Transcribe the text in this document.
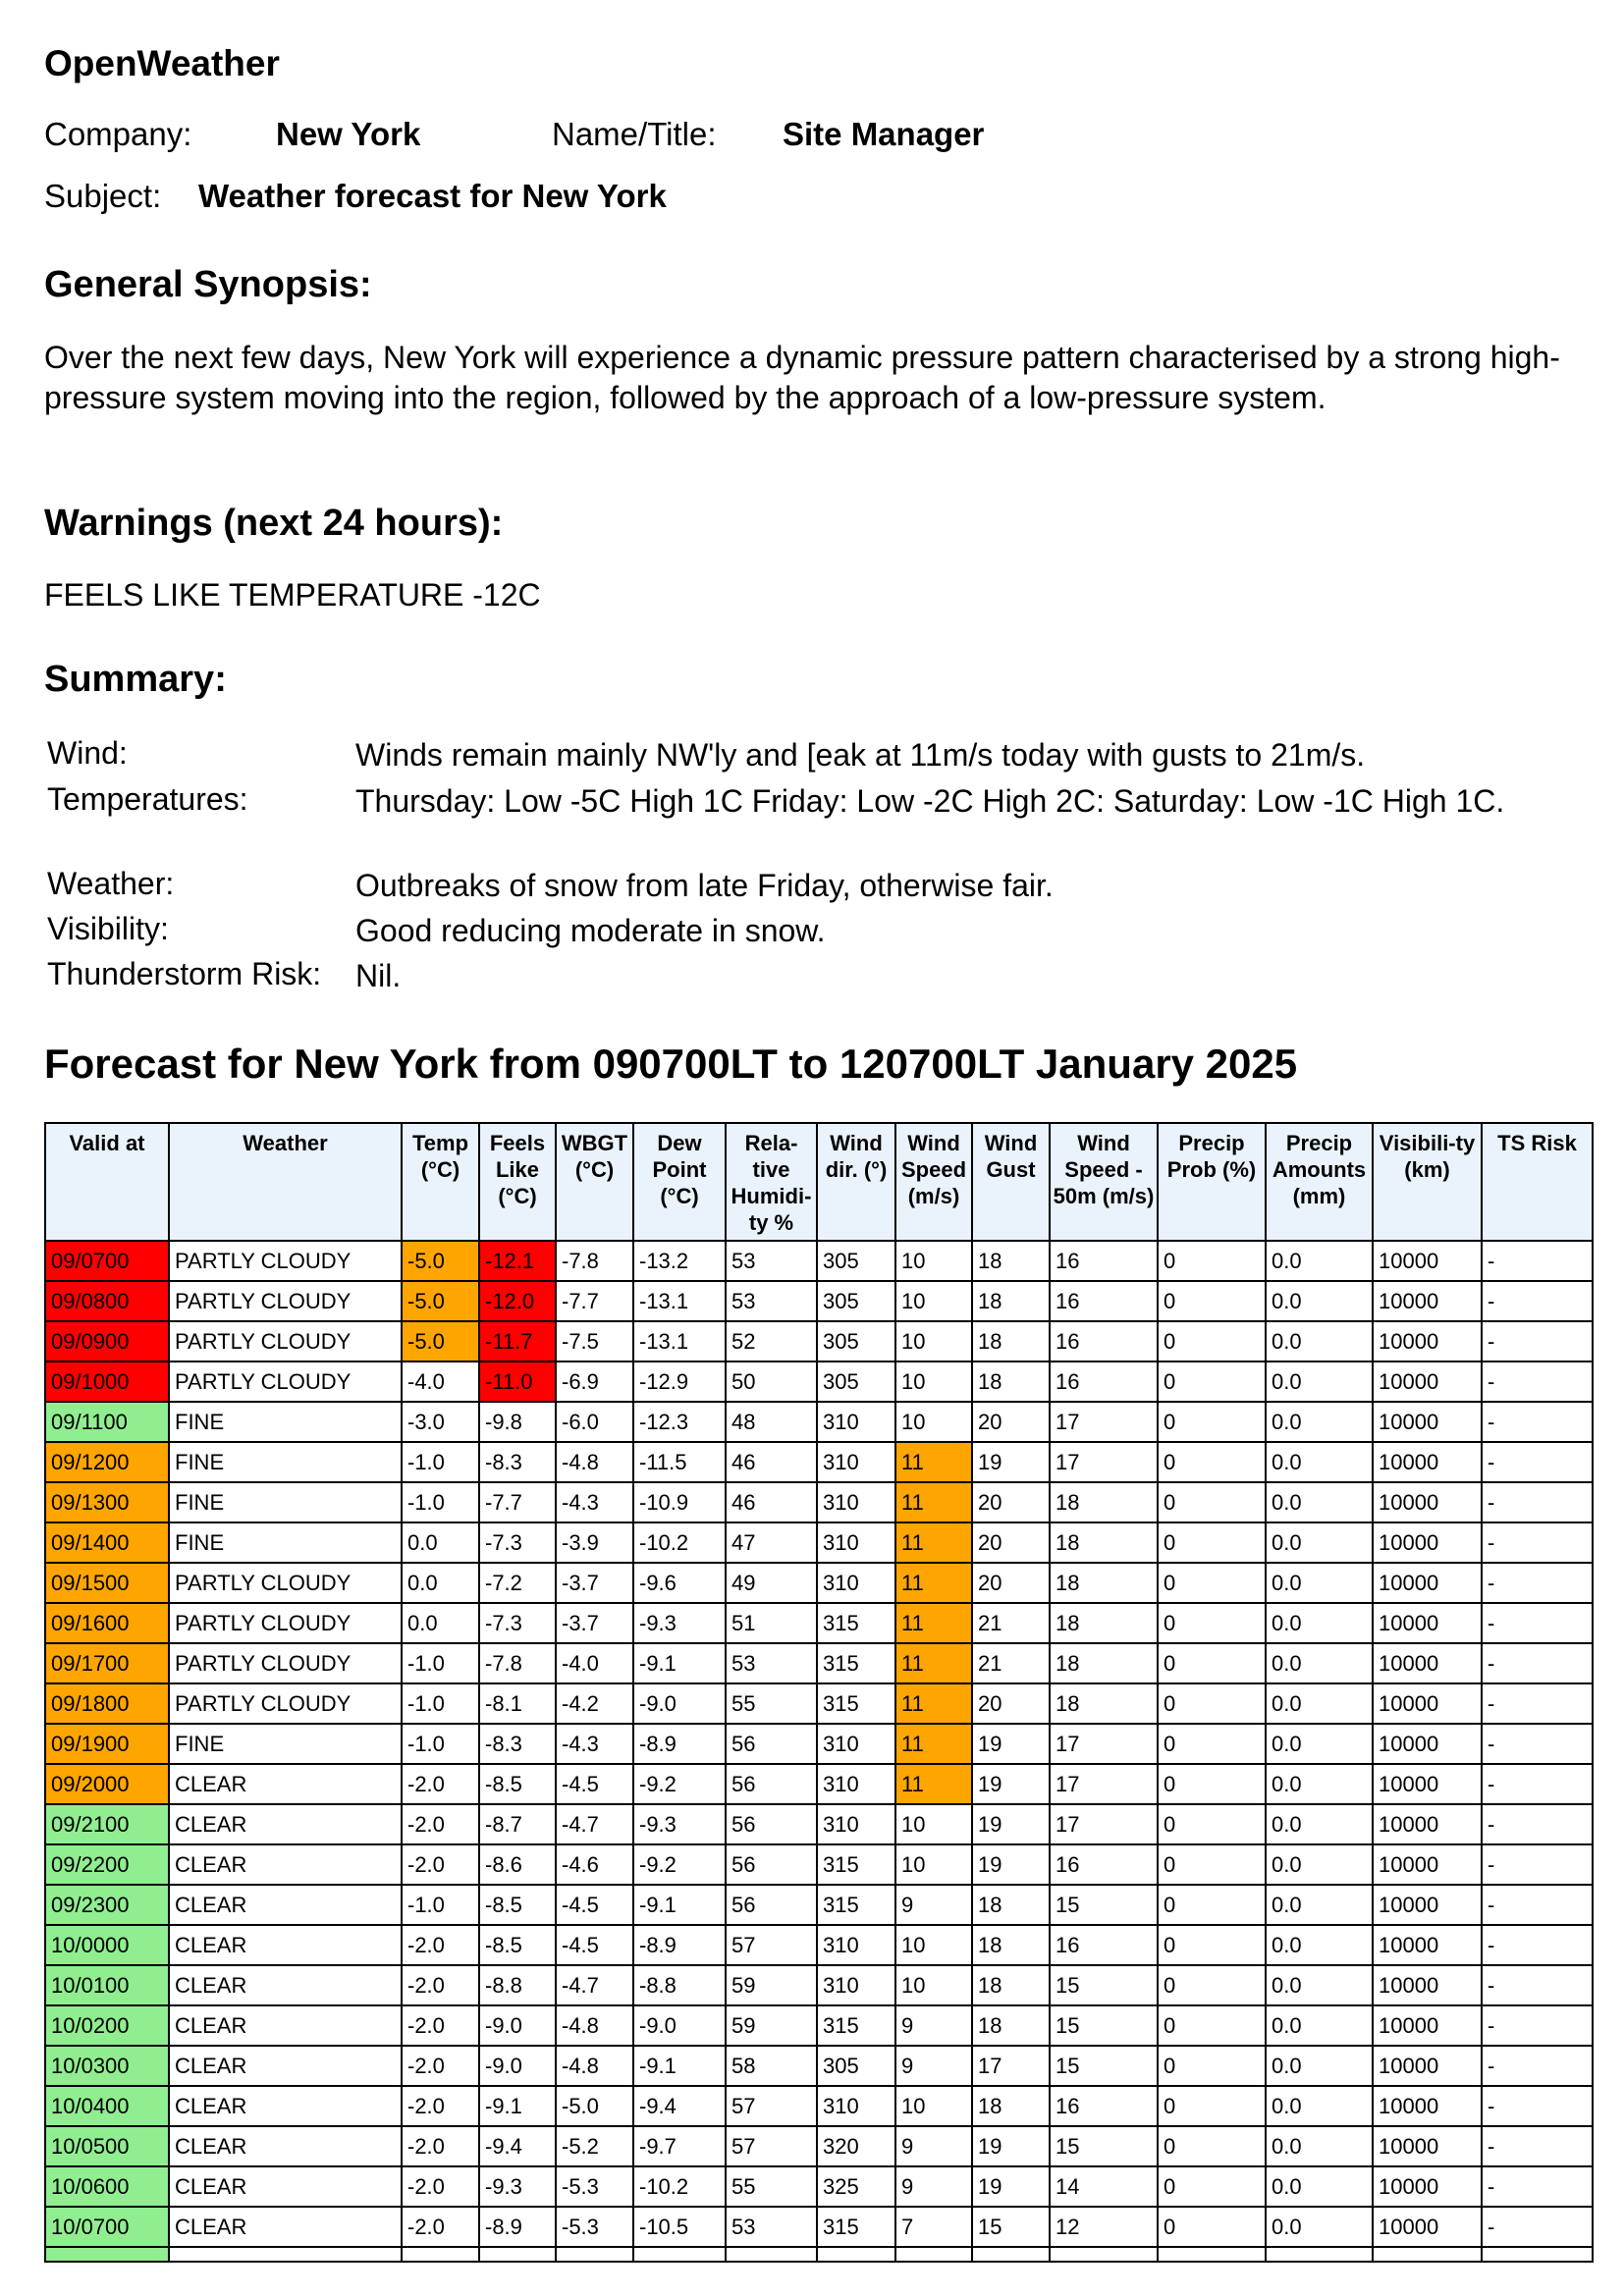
OpenWeather
Company:	New York	Name/Title: Site Manager
Subject: Weather forecast for New York
General Synopsis:
Over the next few days, New York will experience a dynamic pressure pattern characterised by a strong high-pressure system moving into the region, followed by the approach of a low-pressure system.
Warnings (next 24 hours):
FEELS LIKE TEMPERATURE -12C
Summary:
Wind:	Winds remain mainly NW'ly and [eak at 11m/s today with gusts to 21m/s.
Temperatures:	Thursday: Low -5C High 1C Friday: Low -2C High 2C: Saturday: Low -1C High 1C.
Weather:	Outbreaks of snow from late Friday, otherwise fair.
Visibility:	Good reducing moderate in snow.
Thunderstorm Risk: Nil.
Forecast for New York from 090700LT to 120700LT January 2025
Valid at	Weather	Temp (°C)	Feels Like (°C)	WBGT (°C)	Dew Point (°C)	Rela-tive Humidi-ty %	Wind dir. (°)	Wind Speed (m/s)	Wind Gust	Wind Speed - 50m (m/s)	Precip Prob (%)	Precip Amounts (mm)	Visibili-ty (km)	TS Risk
09/0700	PARTLY CLOUDY	-5.0	-12.1	-7.8	-13.2	53	305	10	18	16	0	0.0	10000	-
09/0800	PARTLY CLOUDY	-5.0	-12.0	-7.7	-13.1	53	305	10	18	16	0	0.0	10000	-
09/0900	PARTLY CLOUDY	-5.0	-11.7	-7.5	-13.1	52	305	10	18	16	0	0.0	10000	-
09/1000	PARTLY CLOUDY	-4.0	-11.0	-6.9	-12.9	50	305	10	18	16	0	0.0	10000	-
09/1100	FINE	-3.0	-9.8	-6.0	-12.3	48	310	10	20	17	0	0.0	10000	-
09/1200	FINE	-1.0	-8.3	-4.8	-11.5	46	310	11	19	17	0	0.0	10000	-
09/1300	FINE	-1.0	-7.7	-4.3	-10.9	46	310	11	20	18	0	0.0	10000	-
09/1400	FINE	0.0	-7.3	-3.9	-10.2	47	310	11	20	18	0	0.0	10000	-
09/1500	PARTLY CLOUDY	0.0	-7.2	-3.7	-9.6	49	310	11	20	18	0	0.0	10000	-
09/1600	PARTLY CLOUDY	0.0	-7.3	-3.7	-9.3	51	315	11	21	18	0	0.0	10000	-
09/1700	PARTLY CLOUDY	-1.0	-7.8	-4.0	-9.1	53	315	11	21	18	0	0.0	10000	-
09/1800	PARTLY CLOUDY	-1.0	-8.1	-4.2	-9.0	55	315	11	20	18	0	0.0	10000	-
09/1900	FINE	-1.0	-8.3	-4.3	-8.9	56	310	11	19	17	0	0.0	10000	-
09/2000	CLEAR	-2.0	-8.5	-4.5	-9.2	56	310	11	19	17	0	0.0	10000	-
09/2100	CLEAR	-2.0	-8.7	-4.7	-9.3	56	310	10	19	17	0	0.0	10000	-
09/2200	CLEAR	-2.0	-8.6	-4.6	-9.2	56	315	10	19	16	0	0.0	10000	-
09/2300	CLEAR	-1.0	-8.5	-4.5	-9.1	56	315	9	18	15	0	0.0	10000	-
10/0000	CLEAR	-2.0	-8.5	-4.5	-8.9	57	310	10	18	16	0	0.0	10000	-
10/0100	CLEAR	-2.0	-8.8	-4.7	-8.8	59	310	10	18	15	0	0.0	10000	-
10/0200	CLEAR	-2.0	-9.0	-4.8	-9.0	59	315	9	18	15	0	0.0	10000	-
10/0300	CLEAR	-2.0	-9.0	-4.8	-9.1	58	305	9	17	15	0	0.0	10000	-
10/0400	CLEAR	-2.0	-9.1	-5.0	-9.4	57	310	10	18	16	0	0.0	10000	-
10/0500	CLEAR	-2.0	-9.4	-5.2	-9.7	57	320	9	19	15	0	0.0	10000	-
10/0600	CLEAR	-2.0	-9.3	-5.3	-10.2	55	325	9	19	14	0	0.0	10000	-
10/0700	CLEAR	-2.0	-8.9	-5.3	-10.5	53	315	7	15	12	0	0.0	10000	-
